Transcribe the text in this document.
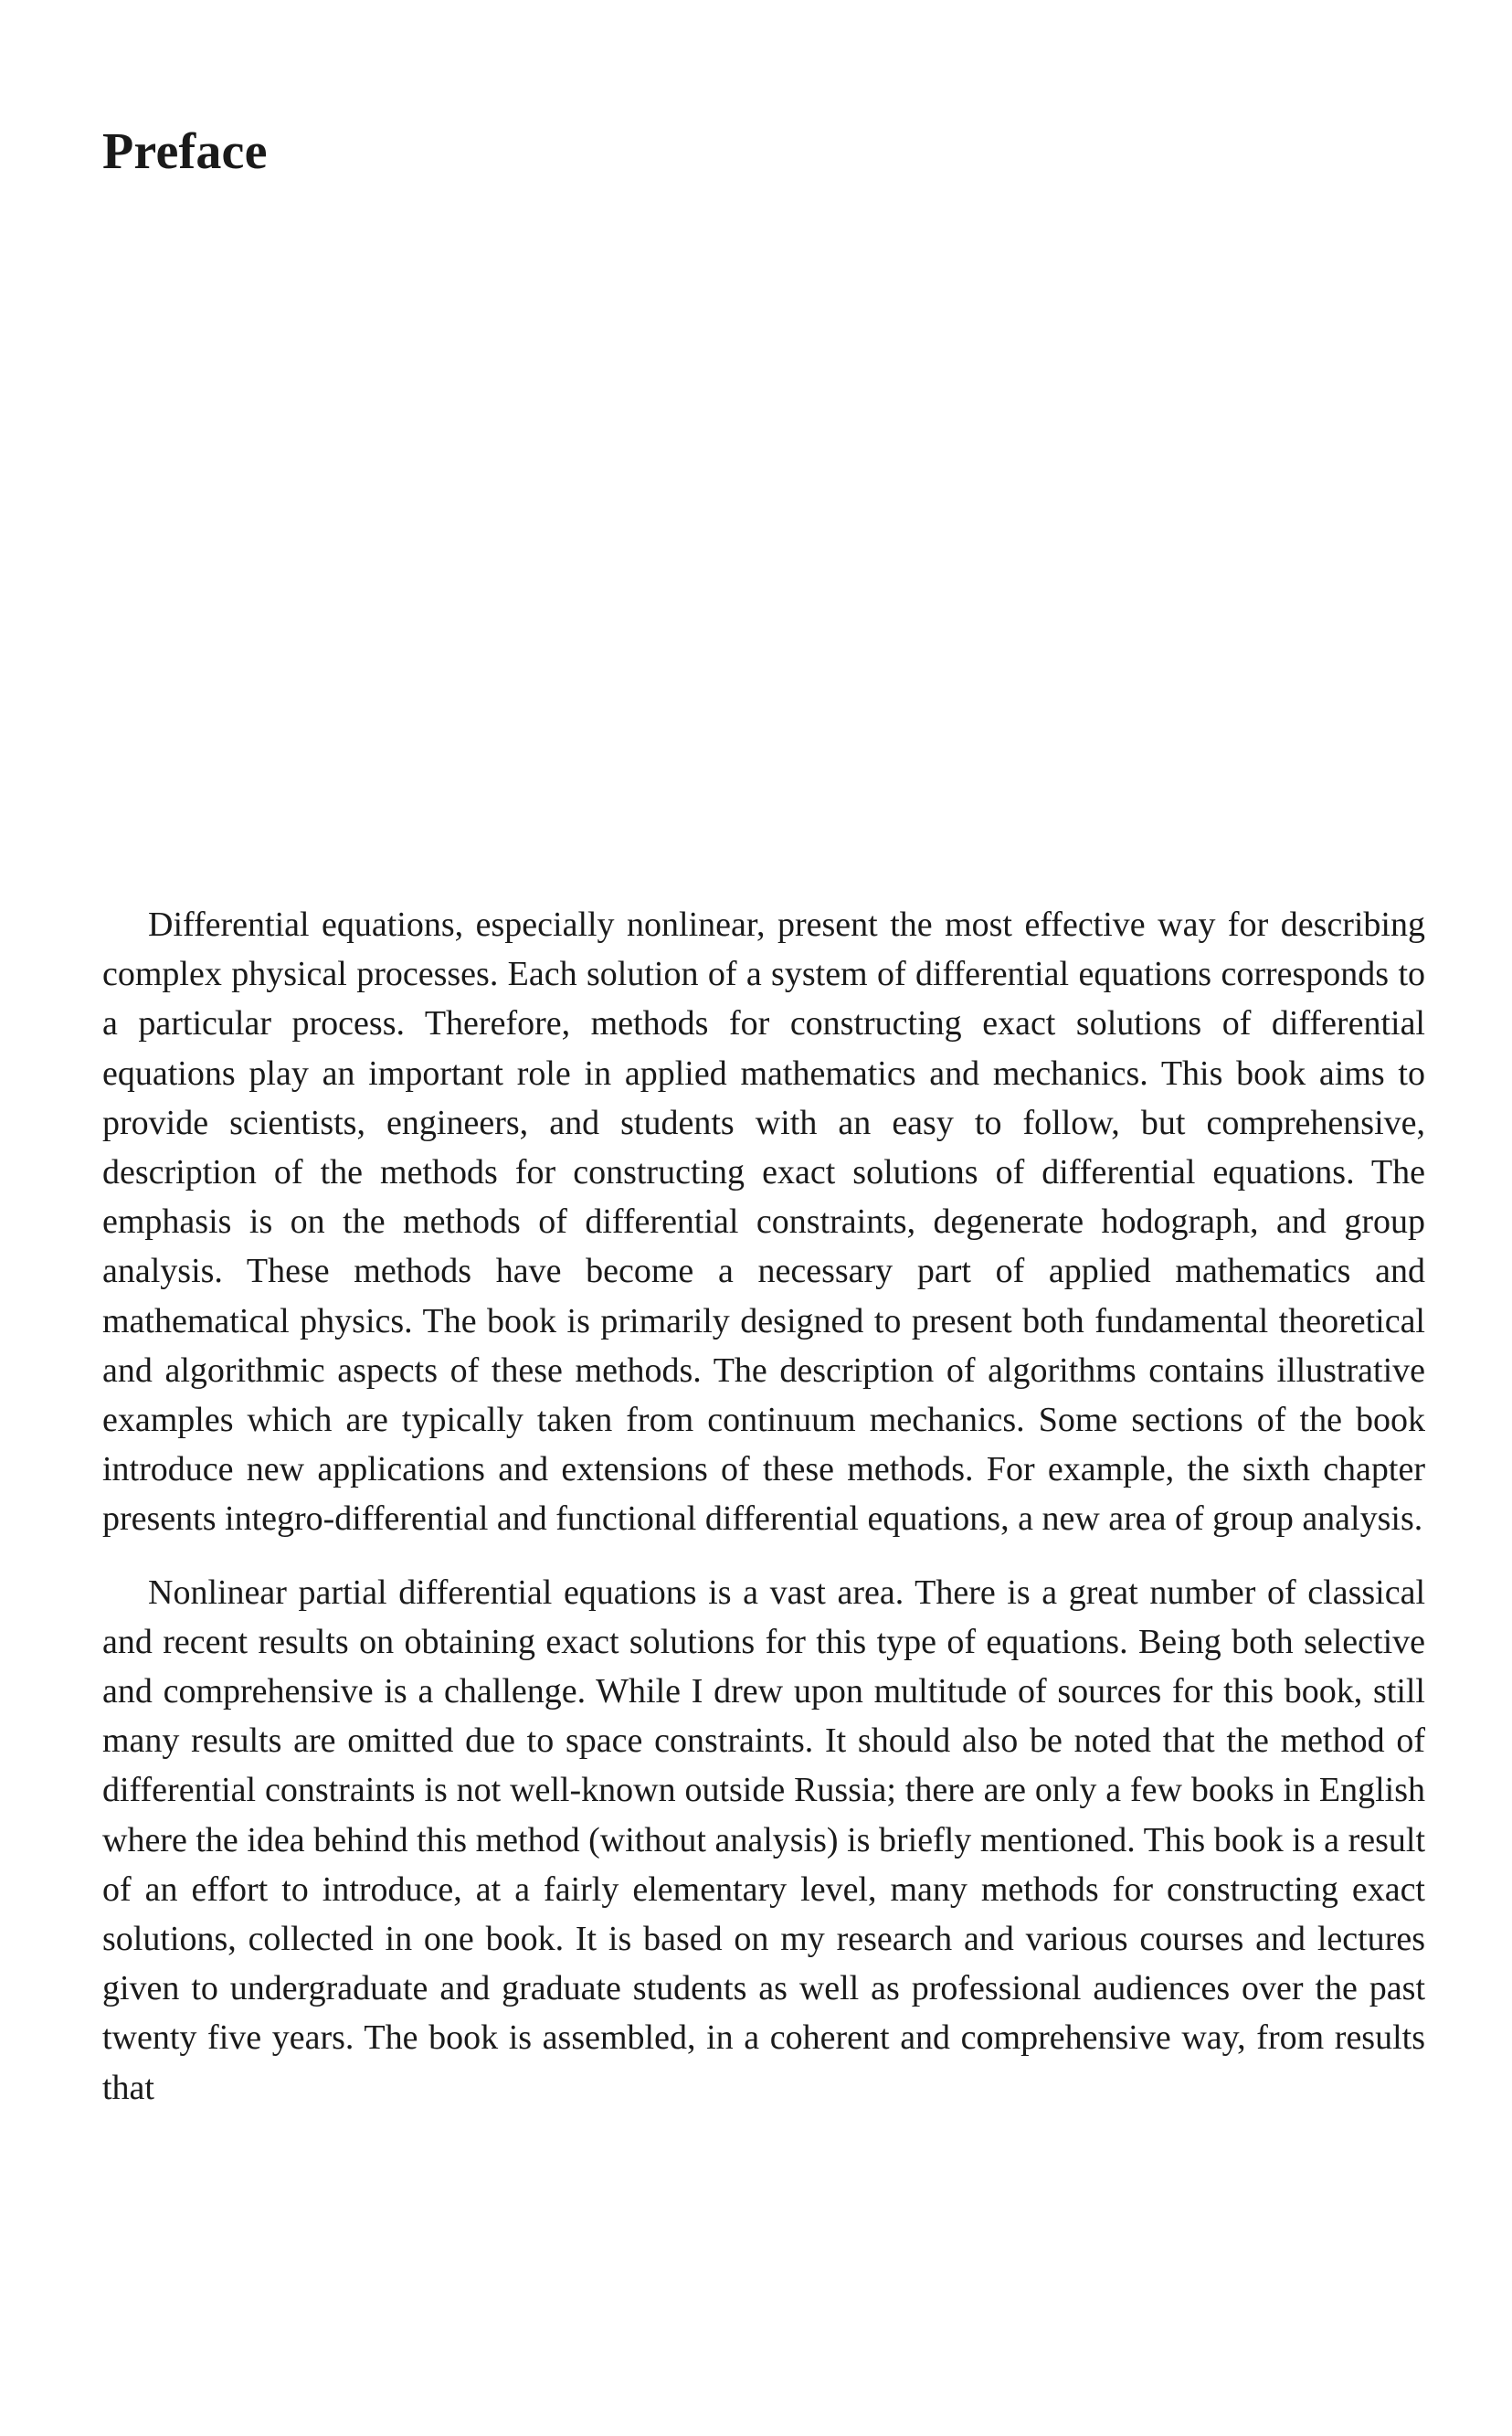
Preface

Differential equations, especially nonlinear, present the most effective way for describing complex physical processes. Each solution of a system of differential equations corresponds to a particular process. Therefore, methods for constructing exact solutions of differential equations play an important role in applied mathematics and mechanics. This book aims to provide scientists, engineers, and students with an easy to follow, but comprehensive, description of the methods for constructing exact solutions of differential equations. The emphasis is on the methods of differential constraints, degenerate hodograph, and group analysis. These methods have become a necessary part of applied mathematics and mathematical physics. The book is primarily designed to present both fundamental theoretical and algorithmic aspects of these methods. The description of algorithms contains illustrative examples which are typically taken from continuum mechanics. Some sections of the book introduce new applications and extensions of these methods. For example, the sixth chapter presents integro-differential and functional differential equations, a new area of group analysis.

Nonlinear partial differential equations is a vast area. There is a great number of classical and recent results on obtaining exact solutions for this type of equations. Being both selective and comprehensive is a challenge. While I drew upon multitude of sources for this book, still many results are omitted due to space constraints. It should also be noted that the method of differential constraints is not well-known outside Russia; there are only a few books in English where the idea behind this method (without analysis) is briefly mentioned. This book is a result of an effort to introduce, at a fairly elementary level, many methods for constructing exact solutions, collected in one book. It is based on my research and various courses and lectures given to undergraduate and graduate students as well as professional audiences over the past twenty five years. The book is assembled, in a coherent and comprehensive way, from results that
